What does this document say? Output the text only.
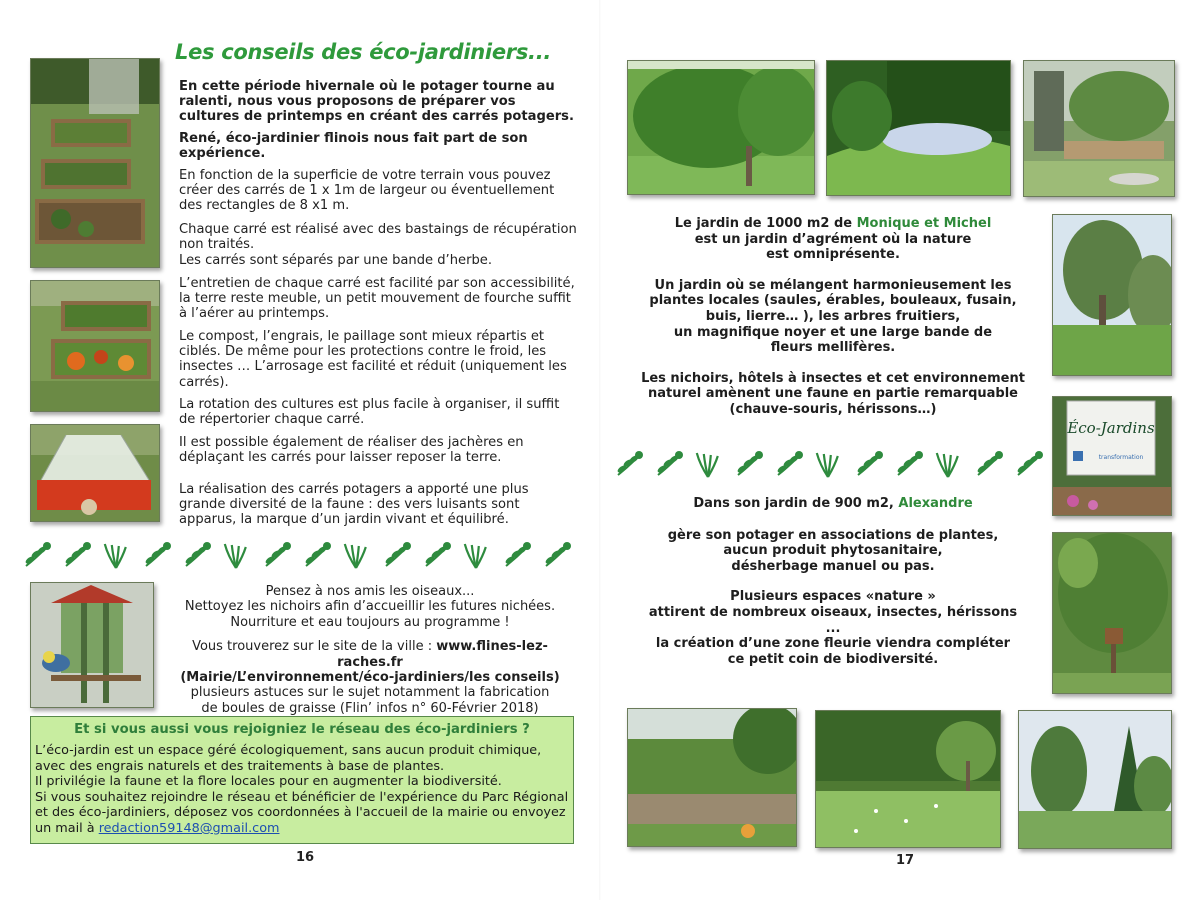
Les conseils des éco-jardiniers...

En cette période hivernale où le potager tourne au ralenti, nous vous proposons de préparer vos cultures de printemps en créant des carrés potagers.

René, éco-jardinier flinois nous fait part de son expérience.

En fonction de la superficie de votre terrain vous pouvez créer des carrés de 1 x 1m de largeur ou éventuellement des rectangles de 8 x1 m.

Chaque carré est réalisé avec des bastaings de récupération non traités.

Les carrés sont séparés par une bande d’herbe.

L’entretien de chaque carré est facilité par son accessibilité, la terre reste meuble, un petit mouvement de fourche suffit à l’aérer au printemps.

Le compost, l’engrais, le paillage sont mieux répartis et ciblés. De même pour les protections contre le froid, les insectes … L’arrosage est facilité et réduit (uniquement les carrés).

La rotation des cultures est plus facile à organiser, il suffit de répertorier chaque carré.

Il est possible également de réaliser des jachères en déplaçant les carrés pour laisser reposer la terre.

La réalisation des carrés potagers a apporté une plus grande diversité de la faune : des vers luisants sont apparus, la marque d’un jardin vivant et équilibré.

Pensez à nos amis les oiseaux...
Nettoyez les nichoirs afin d’accueillir les futures nichées.
Nourriture et eau toujours au programme !
Vous trouverez sur le site de la ville : www.flines-lez-raches.fr
(Mairie/L’environnement/éco-jardiniers/les conseils)
plusieurs astuces sur le sujet notamment la fabrication
de boules de graisse (Flin’ infos n° 60-Février 2018)
Et si vous aussi vous rejoigniez le réseau des éco-jardiniers ?
L’éco-jardin est un espace géré écologiquement, sans aucun produit chimique,
avec des engrais naturels et des traitements à base de plantes.
Il privilégie la faune et la flore locales pour en augmenter la biodiversité.
Si vous souhaitez rejoindre le réseau et bénéficier de l'expérience du Parc Régional
et des éco-jardiniers, déposez vos coordonnées à l'accueil de la mairie ou envoyez
un mail à redaction59148@gmail.com
16
Éco-Jardins
transformation
Le jardin de 1000 m2 de Monique et Michel
est un jardin d’agrément où la nature
est omniprésente.
Un jardin où se mélangent harmonieusement les
plantes locales (saules, érables, bouleaux, fusain,
buis, lierre… ), les arbres fruitiers,
un magnifique noyer et une large bande de
fleurs mellifères.
Les nichoirs, hôtels à insectes et cet environnement
naturel amènent une faune en partie remarquable
(chauve-souris, hérissons…)
Dans son jardin de 900 m2, Alexandre
gère son potager en associations de plantes,
aucun produit phytosanitaire,
désherbage manuel ou pas.
Plusieurs espaces «nature »
attirent de nombreux oiseaux, insectes, hérissons
...
la création d’une zone fleurie viendra compléter
ce petit coin de biodiversité.
17
